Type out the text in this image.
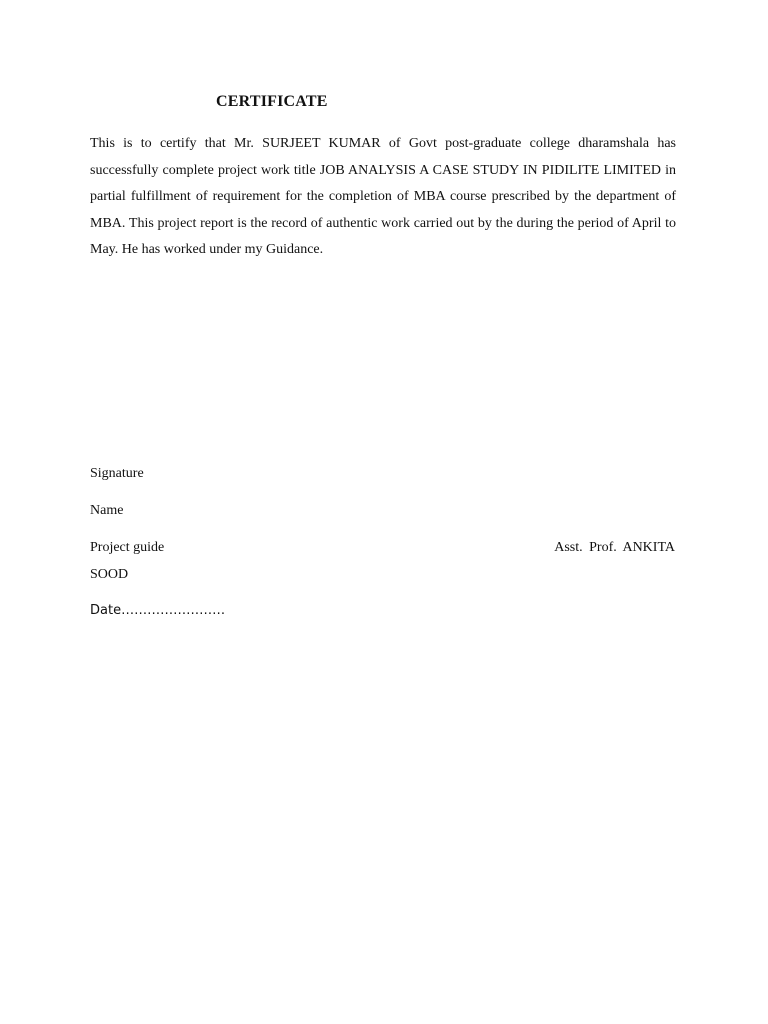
CERTIFICATE

This is to certify that Mr. SURJEET KUMAR of Govt post-graduate college dharamshala has successfully complete project work title JOB ANALYSIS A CASE STUDY IN PIDILITE LIMITED in partial fulfillment of requirement for the completion of MBA course prescribed by the department of MBA. This project report is the record of authentic work carried out by the during the period of April to May. He has worked under my Guidance.

Signature
Name
Project guide	Asst. Prof. ANKITA
SOOD
Date……………………
